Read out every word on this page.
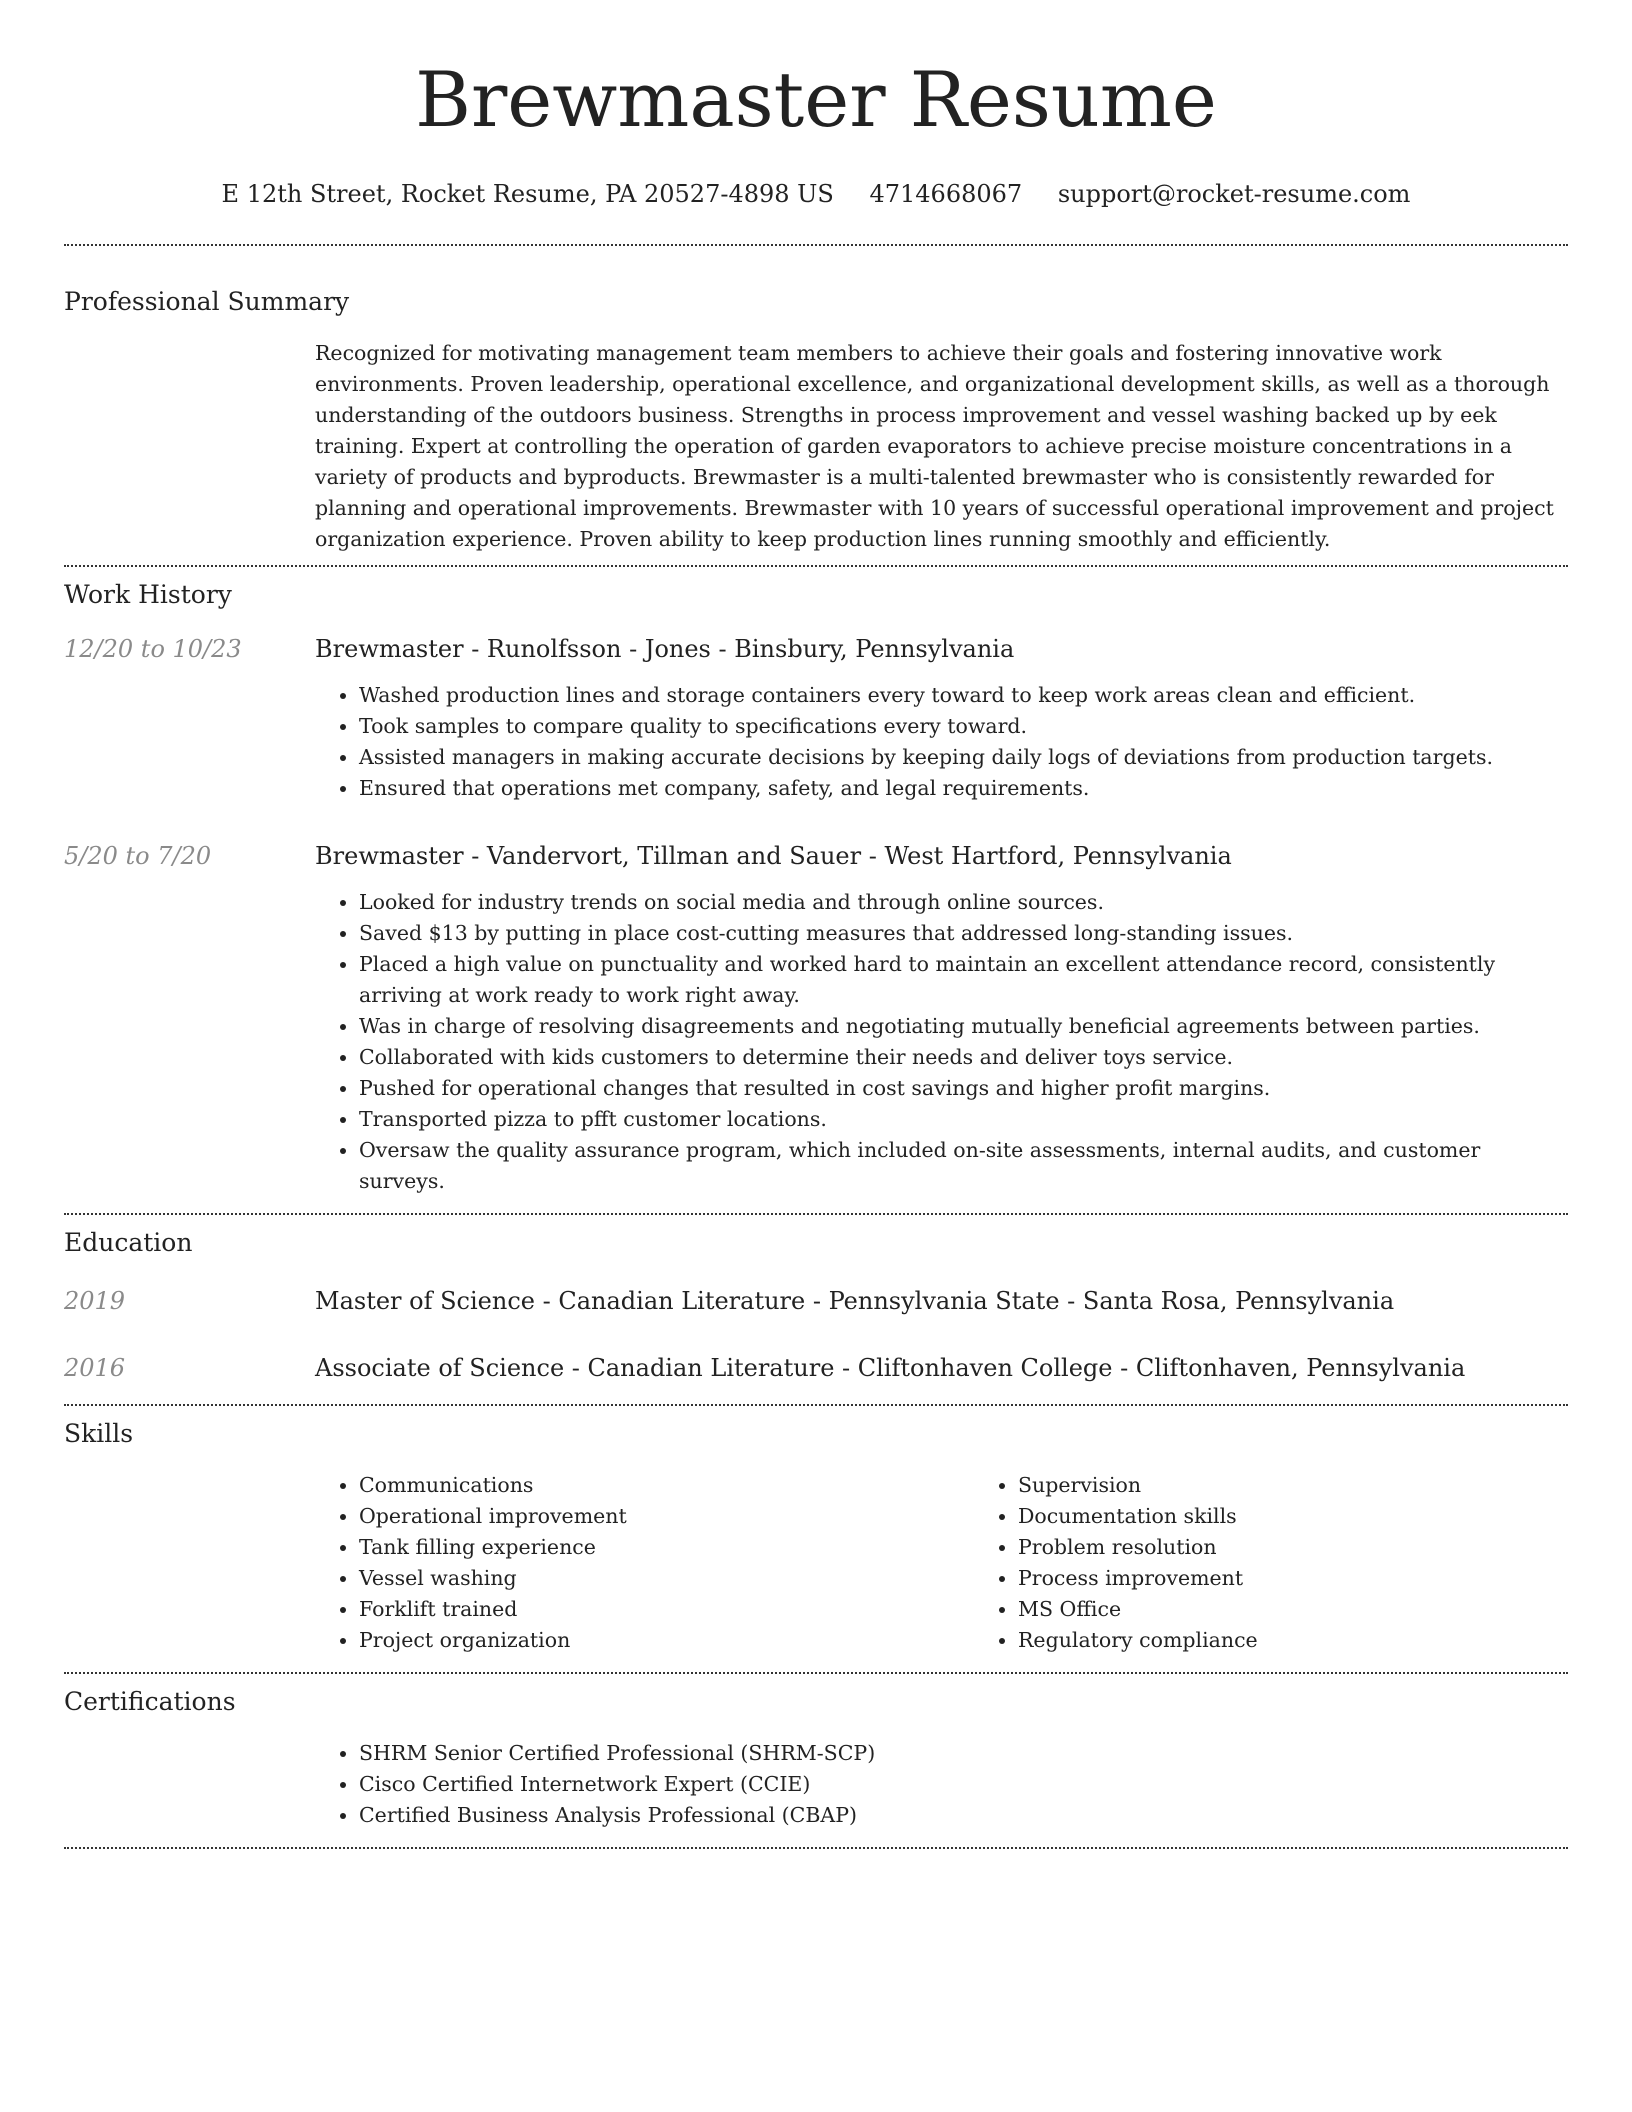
Brewmaster Resume
E 12th Street, Rocket Resume, PA 20527-4898 US 4714668067 support@rocket-resume.com
Professional Summary

Recognized for motivating management team members to achieve their goals and fostering innovative work environments. Proven leadership, operational excellence, and organizational development skills, as well as a thorough understanding of the outdoors business. Strengths in process improvement and vessel washing backed up by eek training. Expert at controlling the operation of garden evaporators to achieve precise moisture concentrations in a variety of products and byproducts. Brewmaster is a multi-talented brewmaster who is consistently rewarded for planning and operational improvements. Brewmaster with 10 years of successful operational improvement and project organization experience. Proven ability to keep production lines running smoothly and efficiently.

Work History
12/20 to 10/23	Brewmaster - Runolfsson - Jones - Binsbury, Pennsylvania
• Washed production lines and storage containers every toward to keep work areas clean and efficient.
• Took samples to compare quality to specifications every toward.
• Assisted managers in making accurate decisions by keeping daily logs of deviations from production targets.
• Ensured that operations met company, safety, and legal requirements.
5/20 to 7/20	Brewmaster - Vandervort, Tillman and Sauer - West Hartford, Pennsylvania
• Looked for industry trends on social media and through online sources.
• Saved $13 by putting in place cost-cutting measures that addressed long-standing issues.
• Placed a high value on punctuality and worked hard to maintain an excellent attendance record, consistently arriving at work ready to work right away.
• Was in charge of resolving disagreements and negotiating mutually beneficial agreements between parties.
• Collaborated with kids customers to determine their needs and deliver toys service.
• Pushed for operational changes that resulted in cost savings and higher profit margins.
• Transported pizza to pfft customer locations.
• Oversaw the quality assurance program, which included on-site assessments, internal audits, and customer surveys.
Education
2019	Master of Science - Canadian Literature - Pennsylvania State - Santa Rosa, Pennsylvania
2016	Associate of Science - Canadian Literature - Cliftonhaven College - Cliftonhaven, Pennsylvania
Skills
• Communications
• Operational improvement
• Tank filling experience
• Vessel washing
• Forklift trained
• Project organization
• Supervision
• Documentation skills
• Problem resolution
• Process improvement
• MS Office
• Regulatory compliance
Certifications
• SHRM Senior Certified Professional (SHRM-SCP)
• Cisco Certified Internetwork Expert (CCIE)
• Certified Business Analysis Professional (CBAP)
